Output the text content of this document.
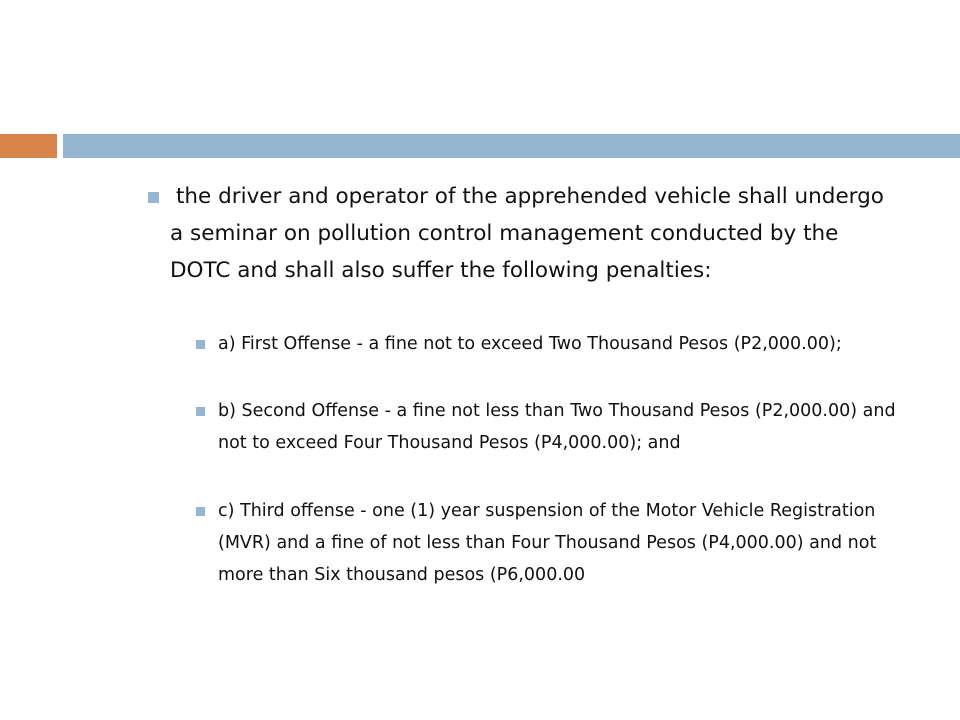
the driver and operator of the apprehended vehicle shall undergo a seminar on pollution control management conducted by the DOTC and shall also suffer the following penalties:

a) First Offense - a fine not to exceed Two Thousand Pesos (P2,000.00);

b) Second Offense - a fine not less than Two Thousand Pesos (P2,000.00) and not to exceed Four Thousand Pesos (P4,000.00); and

c) Third offense - one (1) year suspension of the Motor Vehicle Registration (MVR) and a fine of not less than Four Thousand Pesos (P4,000.00) and not more than Six thousand pesos (P6,000.00
